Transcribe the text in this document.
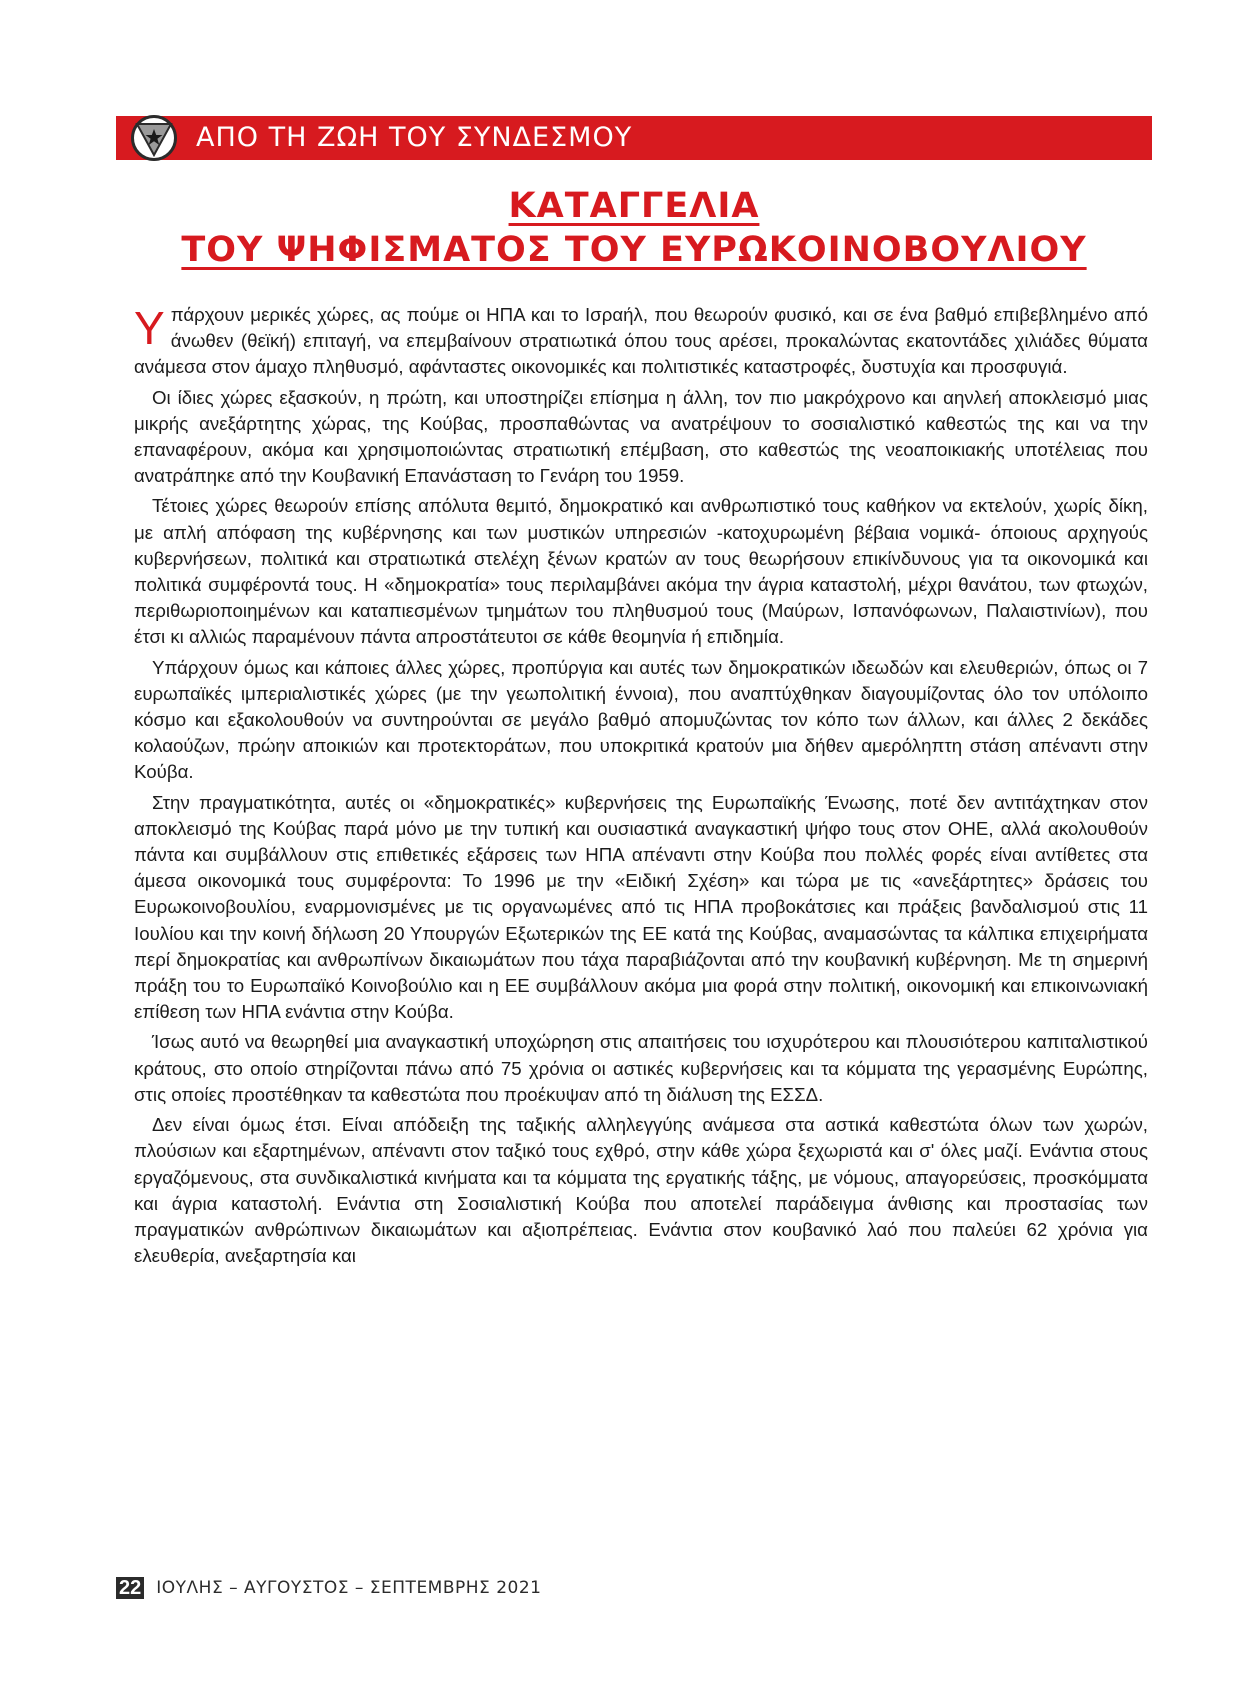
ΑΠΟ ΤΗ ΖΩΗ ΤΟΥ ΣΥΝΔΕΣΜΟΥ
ΚΑΤΑΓΓΕΛΙΑ
ΤΟΥ ΨΗΦΙΣΜΑΤΟΣ ΤΟΥ ΕΥΡΩΚΟΙΝΟΒΟΥΛΙΟΥ

Υπάρχουν μερικές χώρες, ας πούμε οι ΗΠΑ και το Ισραήλ, που θεωρούν φυσικό, και σε ένα βαθμό επιβεβλημένο από άνωθεν (θεϊκή) επιταγή, να επεμβαίνουν στρατιωτικά όπου τους αρέσει, προκαλώντας εκατοντάδες χιλιάδες θύματα ανάμεσα στον άμαχο πληθυσμό, αφάνταστες οικονομικές και πολιτιστικές καταστροφές, δυστυχία και προσφυγιά.

Οι ίδιες χώρες εξασκούν, η πρώτη, και υποστηρίζει επίσημα η άλλη, τον πιο μακρόχρονο και αηνλεή αποκλεισμό μιας μικρής ανεξάρτητης χώρας, της Κούβας, προσπαθώντας να ανατρέψουν το σοσιαλιστικό καθεστώς της και να την επαναφέρουν, ακόμα και χρησιμοποιώντας στρατιωτική επέμβαση, στο καθεστώς της νεοαποικιακής υποτέλειας που ανατράπηκε από την Κουβανική Επανάσταση το Γενάρη του 1959.

Τέτοιες χώρες θεωρούν επίσης απόλυτα θεμιτό, δημοκρατικό και ανθρωπιστικό τους καθήκον να εκτελούν, χωρίς δίκη, με απλή απόφαση της κυβέρνησης και των μυστικών υπηρεσιών -κατοχυρωμένη βέβαια νομικά- όποιους αρχηγούς κυβερνήσεων, πολιτικά και στρατιωτικά στελέχη ξένων κρατών αν τους θεωρήσουν επικίνδυνους για τα οικονομικά και πολιτικά συμφέροντά τους. Η «δημοκρατία» τους περιλαμβάνει ακόμα την άγρια καταστολή, μέχρι θανάτου, των φτωχών, περιθωριοποιημένων και καταπιεσμένων τμημάτων του πληθυσμού τους (Μαύρων, Ισπανόφωνων, Παλαιστινίων), που έτσι κι αλλιώς παραμένουν πάντα απροστάτευτοι σε κάθε θεομηνία ή επιδημία.

Υπάρχουν όμως και κάποιες άλλες χώρες, προπύργια και αυτές των δημοκρατικών ιδεωδών και ελευθεριών, όπως οι 7 ευρωπαϊκές ιμπεριαλιστικές χώρες (με την γεωπολιτική έννοια), που αναπτύχθηκαν διαγουμίζοντας όλο τον υπόλοιπο κόσμο και εξακολουθούν να συντηρούνται σε μεγάλο βαθμό απομυζώντας τον κόπο των άλλων, και άλλες 2 δεκάδες κολαούζων, πρώην αποικιών και προτεκτοράτων, που υποκριτικά κρατούν μια δήθεν αμερόληπτη στάση απέναντι στην Κούβα.

Στην πραγματικότητα, αυτές οι «δημοκρατικές» κυβερνήσεις της Ευρωπαϊκής Ένωσης, ποτέ δεν αντιτάχτηκαν στον αποκλεισμό της Κούβας παρά μόνο με την τυπική και ουσιαστικά αναγκαστική ψήφο τους στον ΟΗΕ, αλλά ακολουθούν πάντα και συμβάλλουν στις επιθετικές εξάρσεις των ΗΠΑ απέναντι στην Κούβα που πολλές φορές είναι αντίθετες στα άμεσα οικονομικά τους συμφέροντα: Το 1996 με την «Ειδική Σχέση» και τώρα με τις «ανεξάρτητες» δράσεις του Ευρωκοινοβουλίου, εναρμονισμένες με τις οργανωμένες από τις ΗΠΑ προβοκάτσιες και πράξεις βανδαλισμού στις 11 Ιουλίου και την κοινή δήλωση 20 Υπουργών Εξωτερικών της ΕΕ κατά της Κούβας, αναμασώντας τα κάλπικα επιχειρήματα περί δημοκρατίας και ανθρωπίνων δικαιωμάτων που τάχα παραβιάζονται από την κουβανική κυβέρνηση. Με τη σημερινή πράξη του το Ευρωπαϊκό Κοινοβούλιο και η ΕΕ συμβάλλουν ακόμα μια φορά στην πολιτική, οικονομική και επικοινωνιακή επίθεση των ΗΠΑ ενάντια στην Κούβα.

Ίσως αυτό να θεωρηθεί μια αναγκαστική υποχώρηση στις απαιτήσεις του ισχυρότερου και πλουσιότερου καπιταλιστικού κράτους, στο οποίο στηρίζονται πάνω από 75 χρόνια οι αστικές κυβερνήσεις και τα κόμματα της γερασμένης Ευρώπης, στις οποίες προστέθηκαν τα καθεστώτα που προέκυψαν από τη διάλυση της ΕΣΣΔ.

Δεν είναι όμως έτσι. Είναι απόδειξη της ταξικής αλληλεγγύης ανάμεσα στα αστικά καθεστώτα όλων των χωρών, πλούσιων και εξαρτημένων, απέναντι στον ταξικό τους εχθρό, στην κάθε χώρα ξεχωριστά και σ' όλες μαζί. Ενάντια στους εργαζόμενους, στα συνδικαλιστικά κινήματα και τα κόμματα της εργατικής τάξης, με νόμους, απαγορεύσεις, προσκόμματα και άγρια καταστολή. Ενάντια στη Σοσιαλιστική Κούβα που αποτελεί παράδειγμα άνθισης και προστασίας των πραγματικών ανθρώπινων δικαιωμάτων και αξιοπρέπειας. Ενάντια στον κουβανικό λαό που παλεύει 62 χρόνια για ελευθερία, ανεξαρτησία και

22 ΙΟΥΛΗΣ – ΑΥΓΟΥΣΤΟΣ – ΣΕΠΤΕΜΒΡΗΣ 2021
